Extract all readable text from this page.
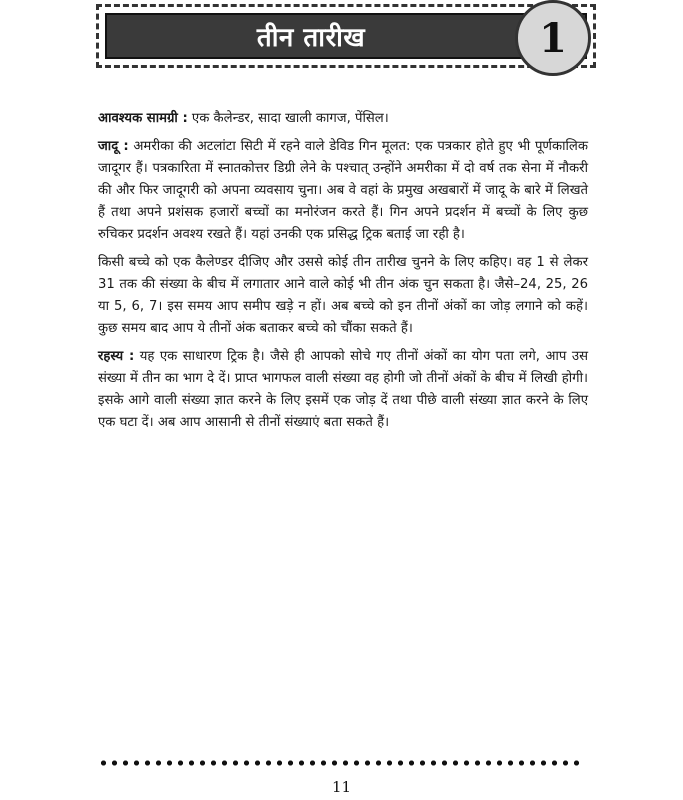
तीन तारीख	1

आवश्यक सामग्री : एक कैलेन्डर, सादा खाली कागज, पेंसिल।

जादू : अमरीका की अटलांटा सिटी में रहने वाले डेविड गिन मूलत: एक पत्रकार होते हुए भी पूर्णकालिक जादूगर हैं। पत्रकारिता में स्नातकोत्तर डिग्री लेने के पश्चात् उन्होंने अमरीका में दो वर्ष तक सेना में नौकरी की और फिर जादूगरी को अपना व्यवसाय चुना। अब वे वहां के प्रमुख अखबारों में जादू के बारे में लिखते हैं तथा अपने प्रशंसक हजारों बच्चों का मनोरंजन करते हैं। गिन अपने प्रदर्शन में बच्चों के लिए कुछ रुचिकर प्रदर्शन अवश्य रखते हैं। यहां उनकी एक प्रसिद्ध ट्रिक बताई जा रही है।

किसी बच्चे को एक कैलेण्डर दीजिए और उससे कोई तीन तारीख चुनने के लिए कहिए। वह 1 से लेकर 31 तक की संख्या के बीच में लगातार आने वाले कोई भी तीन अंक चुन सकता है। जैसे–24, 25, 26 या 5, 6, 7। इस समय आप समीप खड़े न हों। अब बच्चे को इन तीनों अंकों का जोड़ लगाने को कहें। कुछ समय बाद आप ये तीनों अंक बताकर बच्चे को चौंका सकते हैं।

रहस्य : यह एक साधारण ट्रिक है। जैसे ही आपको सोचे गए तीनों अंकों का योग पता लगे, आप उस संख्या में तीन का भाग दे दें। प्राप्त भागफल वाली संख्या वह होगी जो तीनों अंकों के बीच में लिखी होगी। इसके आगे वाली संख्या ज्ञात करने के लिए इसमें एक जोड़ दें तथा पीछे वाली संख्या ज्ञात करने के लिए एक घटा दें। अब आप आसानी से तीनों संख्याएं बता सकते हैं।

11
